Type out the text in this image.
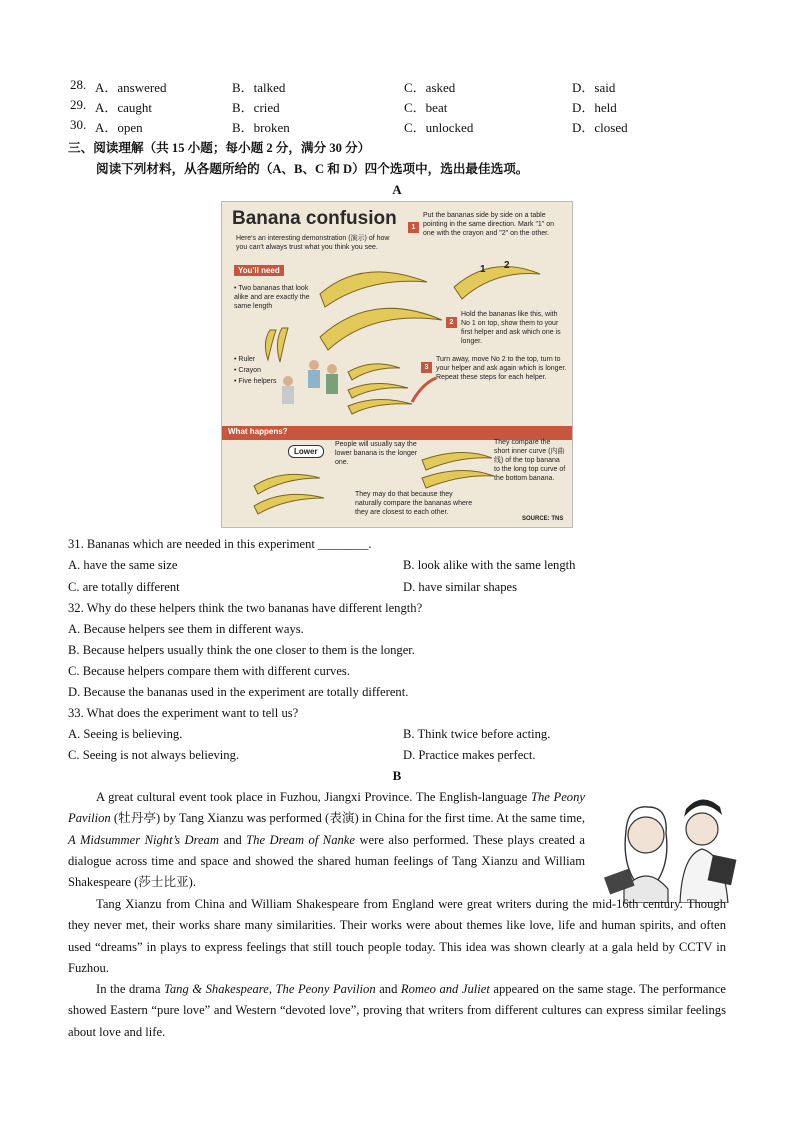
28. A．answered	B．talked	C．asked	D．said
29. A．caught	B．cried	C．beat	D．held
30. A．open	B．broken	C．unlocked	D．closed
三、阅读理解（共 15 小题；每小题 2 分，满分 30 分）
阅读下列材料，从各题所给的（A、B、C 和 D）四个选项中，选出最佳选项。
A
Banana confusion
Here's an interesting demonstration (演示) of how you can't always trust what you think you see.
You'll need
• Two bananas that look alike and are exactly the same length
• Ruler
• Crayon
• Five helpers
1
Put the bananas side by side on a table pointing in the same direction. Mark "1" on one with the crayon and "2" on the other.
2
Hold the bananas like this, with No 1 on top, show them to your first helper and ask which one is longer.
3
Turn away, move No 2 to the top, turn to your helper and ask again which is longer. Repeat these steps for each helper.
1 2
What happens?
Lower
People will usually say the lower banana is the longer one.
They may do that because they naturally compare the bananas where they are closest to each other.
They compare the short inner curve (内曲线) of the top banana to the long top curve of the bottom banana.
SOURCE: TNS
31. Bananas which are needed in this experiment ________.
A. have the same size	B. look alike with the same length
C. are totally different	D. have similar shapes
32. Why do these helpers think the two bananas have different length?
A. Because helpers see them in different ways.
B. Because helpers usually think the one closer to them is the longer.
C. Because helpers compare them with different curves.
D. Because the bananas used in the experiment are totally different.
33. What does the experiment want to tell us?
A. Seeing is believing.	B. Think twice before acting.
C. Seeing is not always believing.	D. Practice makes perfect.
B
A great cultural event took place in Fuzhou, Jiangxi Province. The English-language The Peony Pavilion (牡丹亭) by Tang Xianzu was performed (表演) in China for the first time. At the same time, A Midsummer Night’s Dream and The Dream of Nanke were also performed. These plays created a dialogue across time and space and showed the shared human feelings of Tang Xianzu and William Shakespeare (莎士比亚).
Tang Xianzu from China and William Shakespeare from England were great writers during the mid-16th century. Though they never met, their works share many similarities. Their works were about themes like love, life and human spirits, and often used “dreams” in plays to express feelings that still touch people today. This idea was shown clearly at a gala held by CCTV in Fuzhou.
In the drama Tang & Shakespeare, The Peony Pavilion and Romeo and Juliet appeared on the same stage. The performance showed Eastern “pure love” and Western “devoted love”, proving that writers from different cultures can express similar feelings about love and life.
